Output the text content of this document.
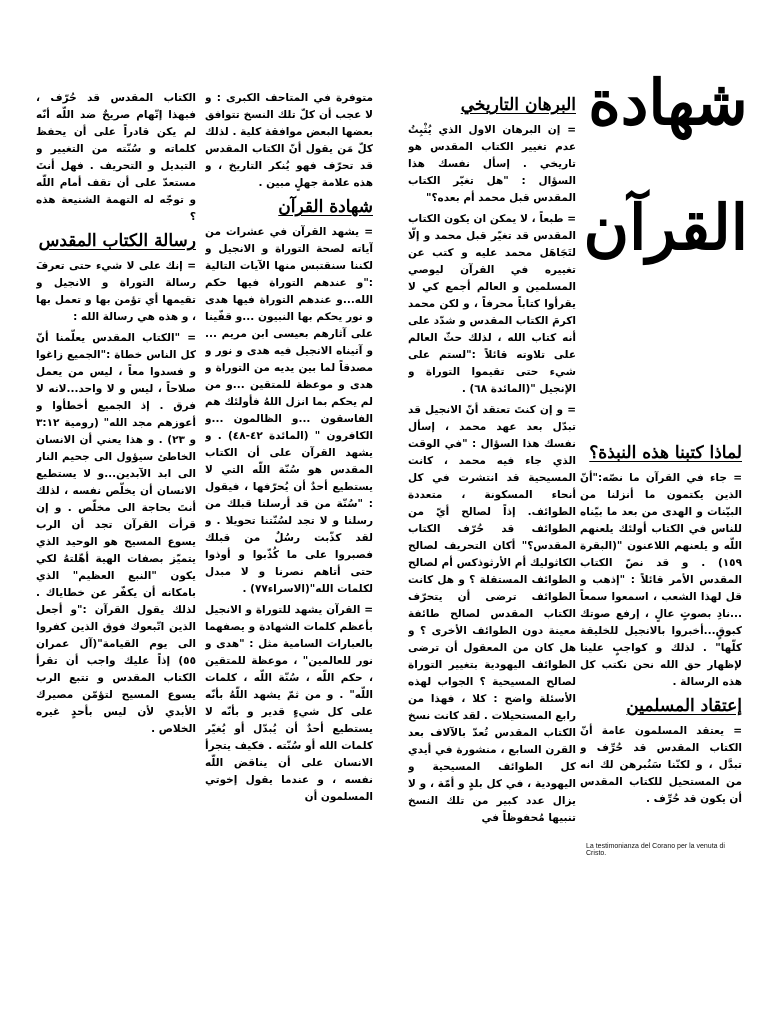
شهادة
القرآن
لماذا كتبنا هذه النبذة؟

= جاء في القرآن ما نصّه:"أنّ الذين يكتمون ما أنزلنا من البيّنات و الهدى من بعد ما بيّناه للناس في الكتاب أولئك يلعنهم اللّه و يلعنهم اللاعنون "(البقرة ١٥٩) . و قد نصّ الكتاب المقدس الأمر قائلاً : "إذهب و قل لهذا الشعب ، اسمعوا سمعاً ...نادِ بصوتٍ عالٍ ، إرفع صوتك كبوقٍ...أخبروا بالانجيل للخليقة كلّها" . لذلك و كواجبٍ علينا لإظهار حق الله نحن نكتب كل هذه الرسالة .

إعتقاد المسلمين

= يعتقد المسلمون عامة أنّ الكتاب المقدس قد حُرِّف و تبدَّل ، و لكنّنا سَنُبرهن لك انه من المستحيل للكتاب المقدس أن يكون قد حُرِّف .

La testimonianza del Corano per la venuta di Cristo.
البرهان التاريخي

= إن البرهان الاول الذي يُثْبِتُ عدم تغيير الكتاب المقدس هو تاريخي . إسأل نفسك هذا السؤال : "هل تغيّر الكتاب المقدس قبل محمد أم بعده؟"

= طبعاً ، لا يمكن ان يكون الكتاب المقدس قد تغيّر قبل محمد و إلّا لتَجَاهَل محمد عليه و كتب عن تغييره في القرآن ليوصي المسلمين و العالم أجمع كي لا يقرأوا كتاباً محرفاً ، و لكن محمد اكرمَ الكتاب المقدس و شدّد على أنه كتاب الله ، لذلك حثّ العالم على تلاوته قائلاً :"لستم على شيء حتى تقيموا التوراة و الإنجيل "(المائدة ٦٨) .

= و إن كنتَ تعتقد أنّ الانجيل قد تبدّل بعد عهد محمد ، إسأل نفسك هذا السؤال : "في الوقت الذي جاء فيه محمد ، كانت المسيحية قد انتشرت في كل أنحاء المسكونة ، متعددة الطوائف. إذاً لصالح أيّ من الطوائف قد حُرّف الكتاب المقدس؟" أكان التحريف لصالح الكاثوليك أم الأرثوذكس أم لصالح الطوائف المستقلة ؟ و هل كانت الطوائف ترضى أن يتحرّف الكتاب المقدس لصالح طائفة معينة دون الطوائف الأخرى ؟ و هل كان من المعقول أن ترضى الطوائف اليهودية بتغيير التوراة لصالح المسيحية ؟ الجواب لهذه الأسئلة واضح : كلا ، فهذا من رابع المستحيلات . لقد كانت نسخ الكتاب المقدس تُعدّ بالآلاف بعد القرن السابع ، منشورة في أيدي كل الطوائف المسيحية و اليهودية ، في كل بلدٍ و أمّة ، و لا يزال عدد كبير من تلك النسخ تنبيها مُحفوظاً في

متوفرة في المتاحف الكبرى : و لا عجب أن كلّ تلك النسخ تتوافق بعضها البعض موافقة كلية . لذلك كلّ مَن يقول أنّ الكتاب المقدس قد تحرّف فهو يُنكر التاريخ ، و هذه علامة جهلٍ مبين .

شهادة القرآن

= يشهد القرآن في عشرات من آياته لصحة التوراة و الانجيل و لكننا سنقتبس منها الآيات التالية :"و عندهم التوراة فيها حكم الله...و عندهم التوراة فيها هدى و نور يحكم بها النبيون ...و قفّينا على آثارهم بعيسى ابن مريم ... و آتيناه الانجيل فيه هدى و نور و مصدقاً لما بين يديه من التوراة و هدى و موعظة للمتقين ...و من لم يحكم بما انزل اللهُ فأولئك هم الفاسقون ...و الظالمون ...و الكافرون " (المائدة ٤٢-٤٨) . و يشهد القرآن على أن الكتاب المقدس هو سُنّة اللّه التي لا يستطيع أحدٌ أن يُحرّفها ، فيقول : "سُنّة من قد أرسلنا قبلك من رسلنا و لا تجد لسُنّتنا تحويلا . و لقد كذّبت رسُلٌ من قبلك فصبروا على ما كُذّبوا و أوذوا حتى أتاهم نصرنا و لا مبدل لكلمات الله"(الاسراء٧٧) .

= القرآن يشهد للتوراة و الانجيل بأعظم كلمات الشهادة و يصفهما بالعبارات السامية مثل : "هدى و نور للعالمين" ، موعظة للمتقين ، حكم اللّه ، سُنّة اللّه ، كلمات اللّه" . و من ثمّ يشهد اللّهُ بأنّه على كل شيءٍ قدير و بأنّه لا يستطيع أحدٌ أن يُبدّل أو يُغيّر كلمات الله أو سُنّته . فكيف يتجرأ الانسان على أن يناقض اللّه نفسه ، و عندما يقول إخوتي المسلمون أن

الكتاب المقدس قد حُرّف ، فبهذا إتّهام صريحٌ ضد اللّه أنّه لم يكن قادراً على أن يحفظ كلماته و سُنّته من التغيير و التبديل و التحريف . فهل أنتَ مستعدّ على أن تقف أمام اللّه و توجّه له التهمة الشنيعة هذه ؟

رسالة الكتاب المقدس

= إنك على لا شيء حتى تعرفَ رسالة التوراة و الانجيل و تقيمها أي تؤمن بها و تعمل بها ، و هذه هي رسالة الله :

= "الكتاب المقدس يعلّمنا أنّ كل الناس خطاة :"الجميع زاغوا و فسدوا معاً ، ليس من يعمل صلاحاً ، ليس و لا واحد...لانه لا فرق . إذ الجميع أخطأوا و أعوزهم مجد الله" (رومية ٣:١٢ و ٢٣) . و هذا يعني أن الانسان الخاطئ سيؤول الى جحيم النار الى ابد الآبدين...و لا يستطيع الانسان أن يخلّص نفسه ، لذلك أنتَ بحاجة الى مخلّص . و إن قرأت القرآن تجد أن الرب يسوع المسيح هو الوحيد الذي يتميّز بصفات الهية أهّلتهُ لكي يكون "النبع العظيم" الذي بامكانه أن يكفّر عن خطاياك . لذلك يقول القرآن :"و أجعل الذين اتّبعوك فوق الذين كفروا الى يوم القيامة"(آل عمران ٥٥) إذاً عليك واجب أن تقرأ الكتاب المقدس و تتبع الرب يسوع المسيح لتؤمّن مصيرك الأبدي لأن ليس بأحدٍ غيره الخلاص .
